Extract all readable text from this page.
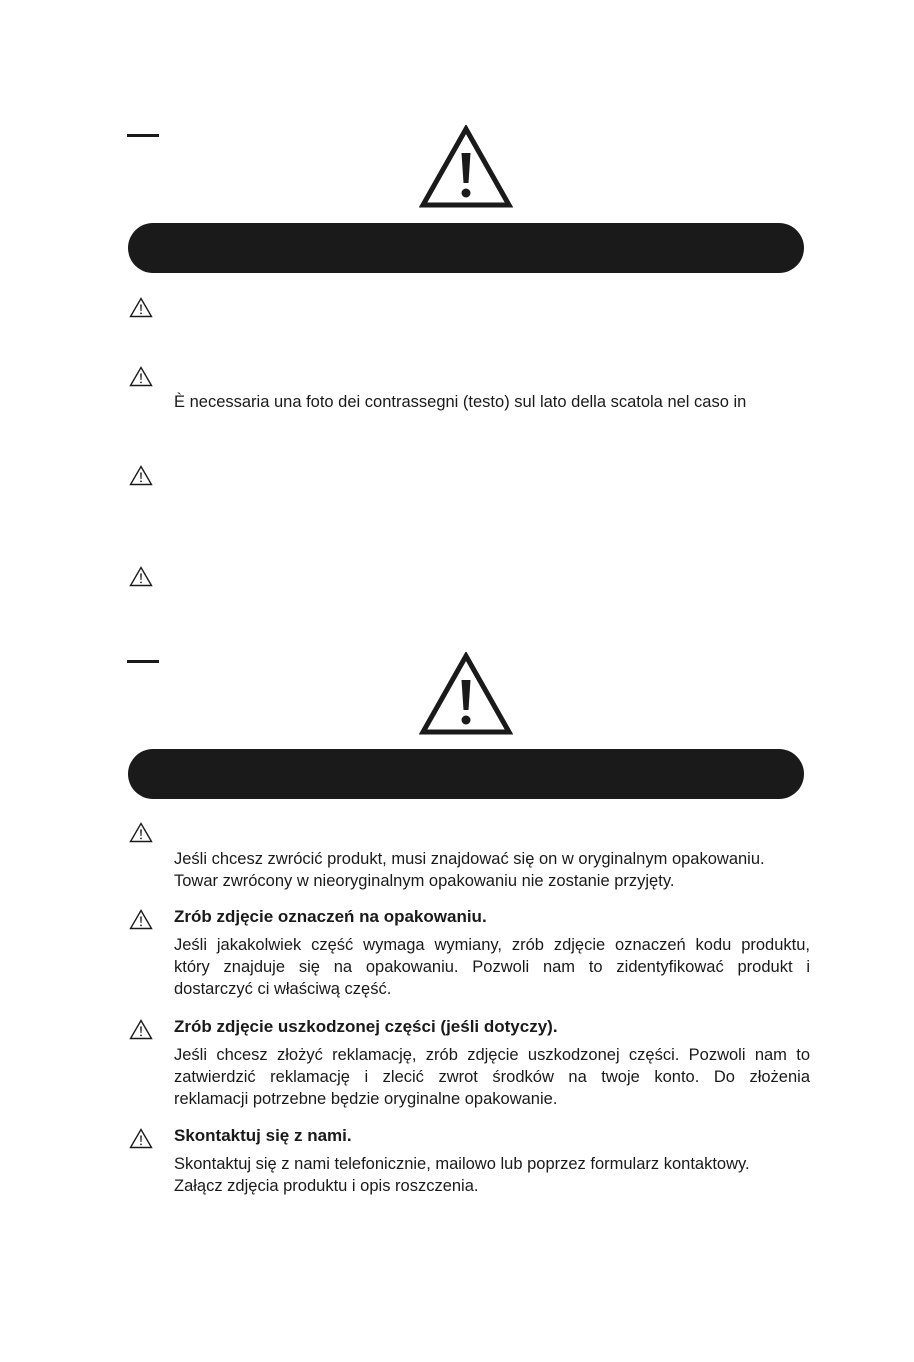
È necessaria una foto dei contrassegni (testo) sul lato della scatola nel caso in
Jeśli chcesz zwrócić produkt, musi znajdować się on w oryginalnym opakowaniu.
Towar zwrócony w nieoryginalnym opakowaniu nie zostanie przyjęty.
Zrób zdjęcie oznaczeń na opakowaniu.
Jeśli jakakolwiek część wymaga wymiany, zrób zdjęcie oznaczeń kodu produktu,
który znajduje się na opakowaniu. Pozwoli nam to zidentyfikować produkt i
dostarczyć ci właściwą część.
Zrób zdjęcie uszkodzonej części (jeśli dotyczy).
Jeśli chcesz złożyć reklamację, zrób zdjęcie uszkodzonej części. Pozwoli nam to
zatwierdzić reklamację i zlecić zwrot środków na twoje konto. Do złożenia
reklamacji potrzebne będzie oryginalne opakowanie.
Skontaktuj się z nami.
Skontaktuj się z nami telefonicznie, mailowo lub poprzez formularz kontaktowy.
Załącz zdjęcia produktu i opis roszczenia.
